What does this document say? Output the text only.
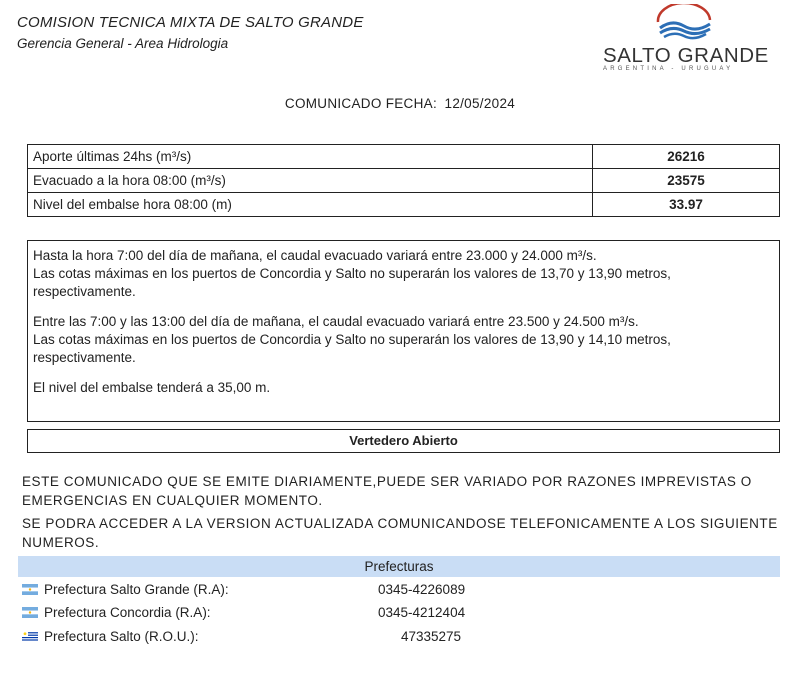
COMISION TECNICA MIXTA DE SALTO GRANDE
Gerencia General - Area Hidrologia
SALTO GRANDE
ARGENTINA - URUGUAY
COMUNICADO FECHA: 12/05/2024
Aporte últimas 24hs (m³/s)	26216
Evacuado a la hora 08:00 (m³/s)	23575
Nivel del embalse hora 08:00 (m)	33.97

Hasta la hora 7:00 del día de mañana, el caudal evacuado variará entre 23.000 y 24.000 m³/s.
Las cotas máximas en los puertos de Concordia y Salto no superarán los valores de 13,70 y 13,90 metros,
respectivamente.

Entre las 7:00 y las 13:00 del día de mañana, el caudal evacuado variará entre 23.500 y 24.500 m³/s.
Las cotas máximas en los puertos de Concordia y Salto no superarán los valores de 13,90 y 14,10 metros,
respectivamente.

El nivel del embalse tenderá a 35,00 m.

Vertedero Abierto
ESTE COMUNICADO QUE SE EMITE DIARIAMENTE,PUEDE SER VARIADO POR RAZONES IMPREVISTAS O EMERGENCIAS EN CUALQUIER MOMENTO.
SE PODRA ACCEDER A LA VERSION ACTUALIZADA COMUNICANDOSE TELEFONICAMENTE A LOS SIGUIENTE NUMEROS.
Prefecturas
Prefectura Salto Grande (R.A):	0345-4226089
Prefectura Concordia (R.A):	0345-4212404
Prefectura Salto (R.O.U.):	47335275
